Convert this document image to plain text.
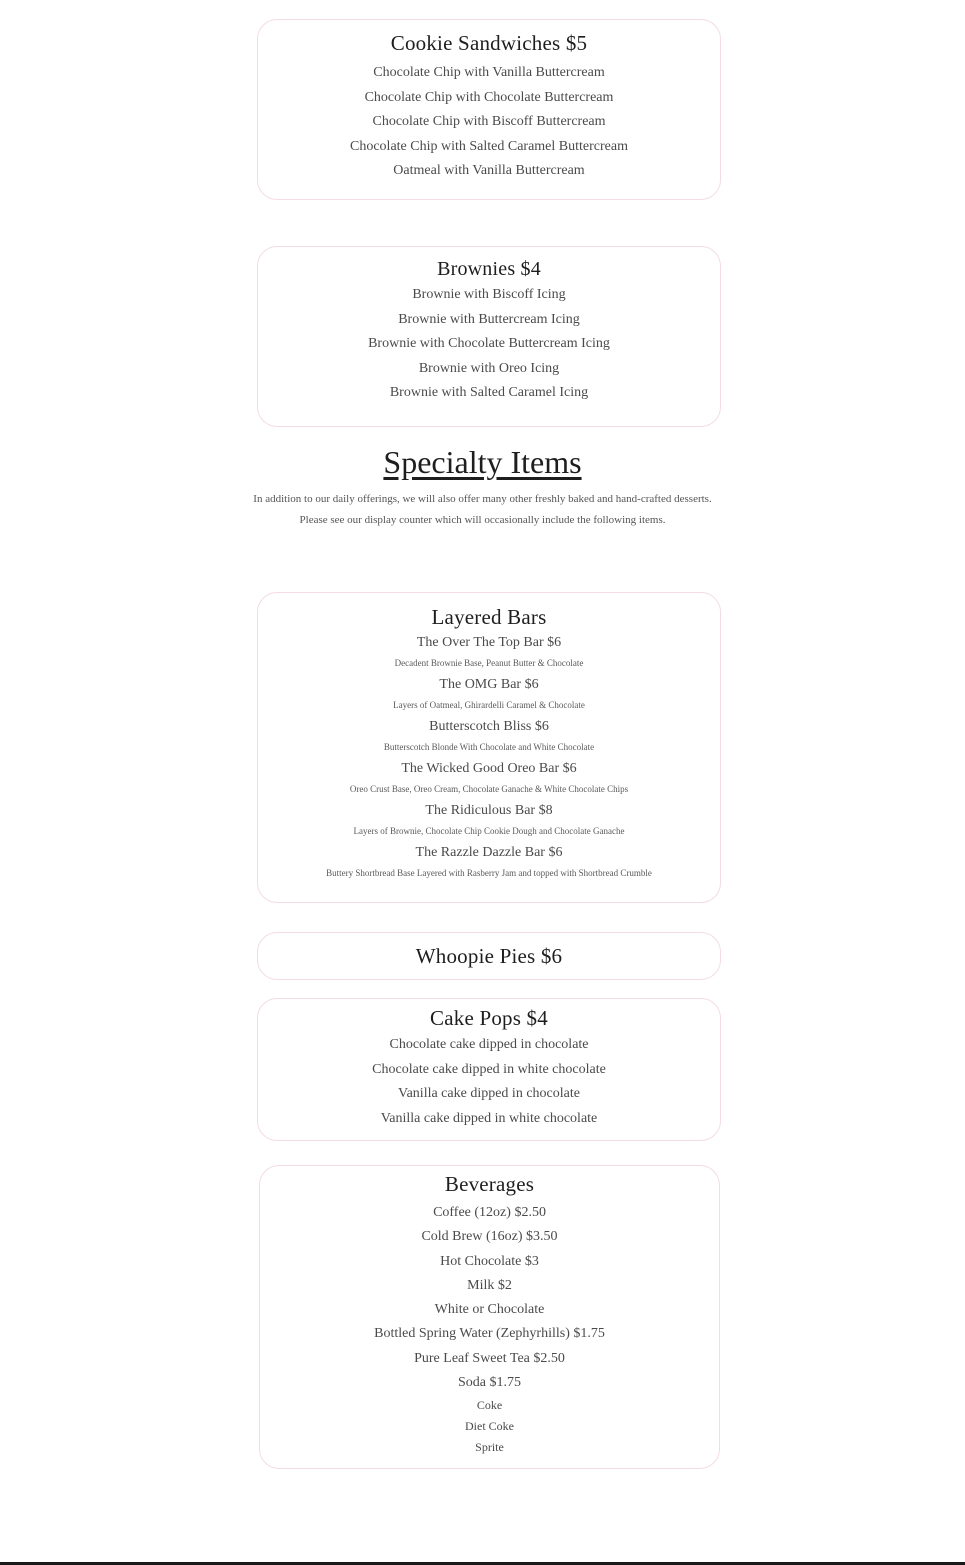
Cookie Sandwiches $5
Chocolate Chip with Vanilla Buttercream
Chocolate Chip with Chocolate Buttercream
Chocolate Chip with Biscoff Buttercream
Chocolate Chip with Salted Caramel Buttercream
Oatmeal with Vanilla Buttercream
Brownies $4
Brownie with Biscoff Icing
Brownie with Buttercream Icing
Brownie with Chocolate Buttercream Icing
Brownie with Oreo Icing
Brownie with Salted Caramel Icing
Specialty Items
In addition to our daily offerings, we will also offer many other freshly baked and hand-crafted desserts.
Please see our display counter which will occasionally include the following items.
Layered Bars
The Over The Top Bar $6
Decadent Brownie Base, Peanut Butter & Chocolate
The OMG Bar $6
Layers of Oatmeal, Ghirardelli Caramel & Chocolate
Butterscotch Bliss $6
Butterscotch Blonde With Chocolate and White Chocolate
The Wicked Good Oreo Bar $6
Oreo Crust Base, Oreo Cream, Chocolate Ganache & White Chocolate Chips
The Ridiculous Bar $8
Layers of Brownie, Chocolate Chip Cookie Dough and Chocolate Ganache
The Razzle Dazzle Bar $6
Buttery Shortbread Base Layered with Rasberry Jam and topped with Shortbread Crumble
Whoopie Pies $6
Cake Pops $4
Chocolate cake dipped in chocolate
Chocolate cake dipped in white chocolate
Vanilla cake dipped in chocolate
Vanilla cake dipped in white chocolate
Beverages
Coffee (12oz) $2.50
Cold Brew (16oz) $3.50
Hot Chocolate $3
Milk $2
White or Chocolate
Bottled Spring Water (Zephyrhills) $1.75
Pure Leaf Sweet Tea $2.50
Soda $1.75
Coke
Diet Coke
Sprite
